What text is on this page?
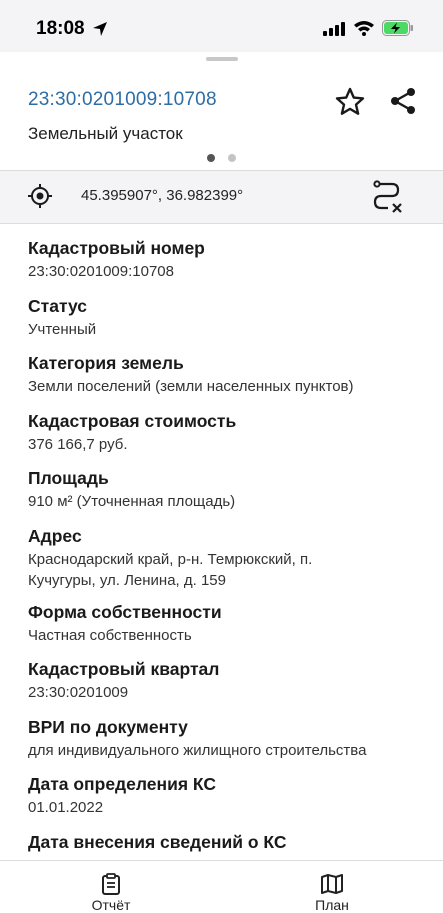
18:08
23:30:0201009:10708
Земельный участок
45.395907°, 36.982399°
Кадастровый номер
23:30:0201009:10708
Статус
Учтенный
Категория земель
Земли поселений (земли населенных пунктов)
Кадастровая стоимость
376 166,7 руб.
Площадь
910 м² (Уточненная площадь)
Адрес
Краснодарский край, р-н. Темрюкский, п. Кучугуры, ул. Ленина, д. 159
Форма собственности
Частная собственность
Кадастровый квартал
23:30:0201009
ВРИ по документу
для индивидуального жилищного строительства
Дата определения КС
01.01.2022
Дата внесения сведений о КС
Отчёт	План
